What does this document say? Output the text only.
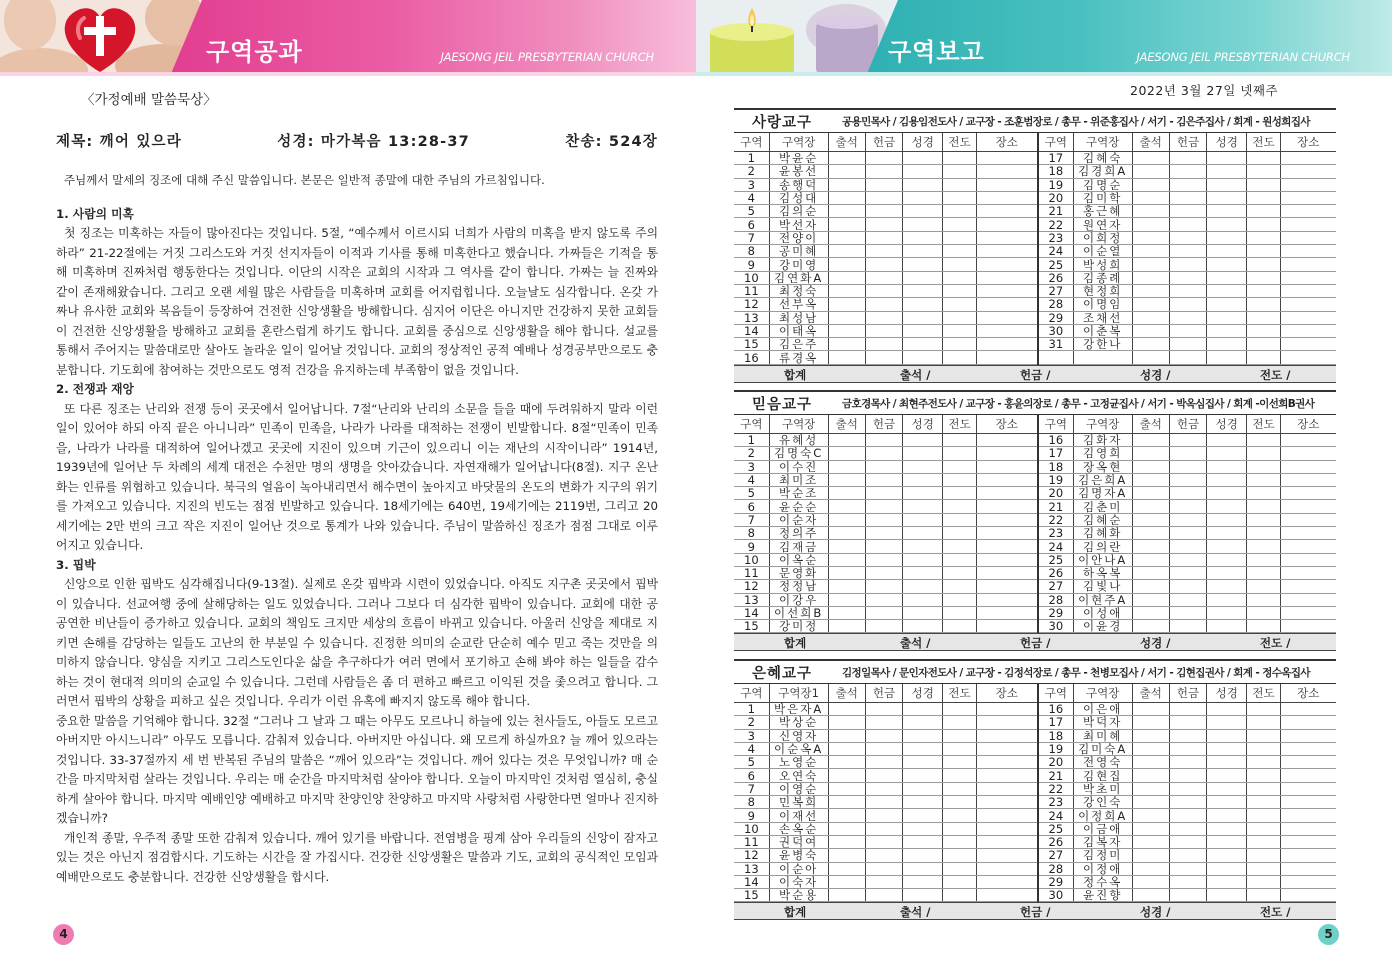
구역공과	JAESONG JEIL PRESBYTERIAN CHURCH	구역보고	JAESONG JEIL PRESBYTERIAN CHURCH
〈가정예배 말씀묵상〉
제목: 깨어 있으라	성경: 마가복음 13:28-37	찬송: 524장
주님께서 말세의 징조에 대해 주신 말씀입니다. 본문은 일반적 종말에 대한 주님의 가르침입니다.
1. 사람의 미혹

첫 징조는 미혹하는 자들이 많아진다는 것입니다. 5절, “예수께서 이르시되 너희가 사람의 미혹을 받지 않도록 주의하라” 21-22절에는 거짓 그리스도와 거짓 선지자들이 이적과 기사를 통해 미혹한다고 했습니다. 가짜들은 기적을 통해 미혹하며 진짜처럼 행동한다는 것입니다. 이단의 시작은 교회의 시작과 그 역사를 같이 합니다. 가짜는 늘 진짜와 같이 존재해왔습니다. 그리고 오랜 세월 많은 사람들을 미혹하며 교회를 어지럽힙니다. 오늘날도 심각합니다. 온갖 가짜나 유사한 교회와 복음들이 등장하여 건전한 신앙생활을 방해합니다. 심지어 이단은 아니지만 건강하지 못한 교회들이 건전한 신앙생활을 방해하고 교회를 혼란스럽게 하기도 합니다. 교회를 중심으로 신앙생활을 해야 합니다. 설교를 통해서 주어지는 말씀대로만 살아도 놀라운 일이 일어날 것입니다. 교회의 정상적인 공적 예배나 성경공부만으로도 충분합니다. 기도회에 참여하는 것만으로도 영적 건강을 유지하는데 부족함이 없을 것입니다.

2. 전쟁과 재앙

또 다른 징조는 난리와 전쟁 등이 곳곳에서 일어납니다. 7절“난리와 난리의 소문을 들을 때에 두려워하지 말라 이런 일이 있어야 하되 아직 끝은 아니니라” 민족이 민족을, 나라가 나라를 대적하는 전쟁이 빈발합니다. 8절“민족이 민족을, 나라가 나라를 대적하여 일어나겠고 곳곳에 지진이 있으며 기근이 있으리니 이는 재난의 시작이니라” 1914년, 1939년에 일어난 두 차례의 세계 대전은 수천만 명의 생명을 앗아갔습니다. 자연재해가 일어납니다(8절). 지구 온난화는 인류를 위협하고 있습니다. 북극의 얼음이 녹아내리면서 해수면이 높아지고 바닷물의 온도의 변화가 지구의 위기를 가져오고 있습니다. 지진의 빈도는 점점 빈발하고 있습니다. 18세기에는 640번, 19세기에는 2119번, 그리고 20세기에는 2만 번의 크고 작은 지진이 일어난 것으로 통계가 나와 있습니다. 주님이 말씀하신 징조가 점점 그대로 이루어지고 있습니다.

3. 핍박

신앙으로 인한 핍박도 심각해집니다(9-13절). 실제로 온갖 핍박과 시련이 있었습니다. 아직도 지구촌 곳곳에서 핍박이 있습니다. 선교여행 중에 살해당하는 일도 있었습니다. 그러나 그보다 더 심각한 핍박이 있습니다. 교회에 대한 공공연한 비난들이 증가하고 있습니다. 교회의 책임도 크지만 세상의 흐름이 바뀌고 있습니다. 아울러 신앙을 제대로 지키면 손해를 감당하는 일들도 고난의 한 부분일 수 있습니다. 진정한 의미의 순교란 단순히 예수 믿고 죽는 것만을 의미하지 않습니다. 양심을 지키고 그리스도인다운 삶을 추구하다가 여러 면에서 포기하고 손해 봐야 하는 일들을 감수하는 것이 현대적 의미의 순교일 수 있습니다. 그런데 사람들은 좀 더 편하고 빠르고 이익된 것을 좇으려고 합니다. 그러면서 핍박의 상황을 피하고 싶은 것입니다. 우리가 이런 유혹에 빠지지 않도록 해야 합니다.

중요한 말씀을 기억해야 합니다. 32절 “그러나 그 날과 그 때는 아무도 모르나니 하늘에 있는 천사들도, 아들도 모르고 아버지만 아시느니라” 아무도 모릅니다. 감춰져 있습니다. 아버지만 아십니다. 왜 모르게 하실까요? 늘 깨어 있으라는 것입니다. 33-37절까지 세 번 반복된 주님의 말씀은 “깨어 있으라”는 것입니다. 깨어 있다는 것은 무엇입니까? 매 순간을 마지막처럼 살라는 것입니다. 우리는 매 순간을 마지막처럼 살아야 합니다. 오늘이 마지막인 것처럼 열심히, 충실하게 살아야 합니다. 마지막 예배인양 예배하고 마지막 찬양인양 찬양하고 마지막 사랑처럼 사랑한다면 얼마나 진지하겠습니까?

개인적 종말, 우주적 종말 또한 감춰져 있습니다. 깨어 있기를 바랍니다. 전염병을 핑계 삼아 우리들의 신앙이 잠자고 있는 것은 아닌지 점검합시다. 기도하는 시간을 잘 가집시다. 건강한 신앙생활은 말씀과 기도, 교회의 공식적인 모임과 예배만으로도 충분합니다. 건강한 신앙생활을 합시다.

4	5
2022년 3월 27일 넷째주
사랑교구	공용민목사 / 김용임전도사 / 교구장 - 조훈범장로 / 총무 - 위준홍집사 / 서기 - 김은주집사 / 회계 - 원성희집사
구역	구역장	출석	헌금	성경	전도	장소	구역	구역장	출석	헌금	성경	전도	장소
1	박윤순						17	김혜숙					
2	윤봉선						18	김경희A					
3	송행덕						19	김명순					
4	김성대						20	김미학					
5	김의순						21	홍근혜					
6	박선자						22	원연자					
7	전양이						23	이희정					
8	공미혜						24	이순열					
9	강미영						25	박성희					
10	김연화A						26	김종례					
11	최정숙						27	현정희					
12	선부옥						28	이명임					
13	최성남						29	조채선					
14	이태옥						30	이춘복					
15	김은주						31	강한나					
16	류경옥												
합계	출석 /	헌금 /	성경 /	전도 /
믿음교구	금호경목사 / 최현주전도사 / 교구장 - 홍윤의장로 / 총무 - 고정균집사 / 서기 - 박옥심집사 / 회계 -이선희B권사
구역	구역장	출석	헌금	성경	전도	장소	구역	구역장	출석	헌금	성경	전도	장소
1	유혜성						16	김화자					
2	김명숙C						17	김영희					
3	이수진						18	장옥현					
4	최미조						19	김은희A					
5	박순조						20	김명자A					
6	윤순순						21	김춘미					
7	이순자						22	김혜순					
8	정의주						23	김혜화					
9	김재금						24	김의란					
10	이옥순						25	이안나A					
11	문영화						26	하옥복					
12	정정남						27	김빛나					
13	이강우						28	이현주A					
14	이선희B						29	이성애					
15	강미정						30	이윤경					
합계	출석 /	헌금 /	성경 /	전도 /
은혜교구	김정일목사 / 문인자전도사 / 교구장 - 김정석장로 / 총무 - 천병모집사 / 서기 - 김현집권사 / 회계 - 정수옥집사
구역	구역장1	출석	헌금	성경	전도	장소	구역	구역장	출석	헌금	성경	전도	장소
1	박은자A						16	이은애					
2	박상순						17	박덕자					
3	신영자						18	최미혜					
4	이순옥A						19	김미숙A					
5	노영순						20	전영숙					
6	오연숙						21	김현집					
7	이영순						22	박초미					
8	민복희						23	강인숙					
9	이재선						24	이정희A					
10	손옥순						25	이금애					
11	권덕여						26	김복자					
12	윤병숙						27	김정미					
13	이순아						28	이정애					
14	이숙자						29	정수옥					
15	박순용						30	윤진향					
합계	출석 /	헌금 /	성경 /	전도 /
